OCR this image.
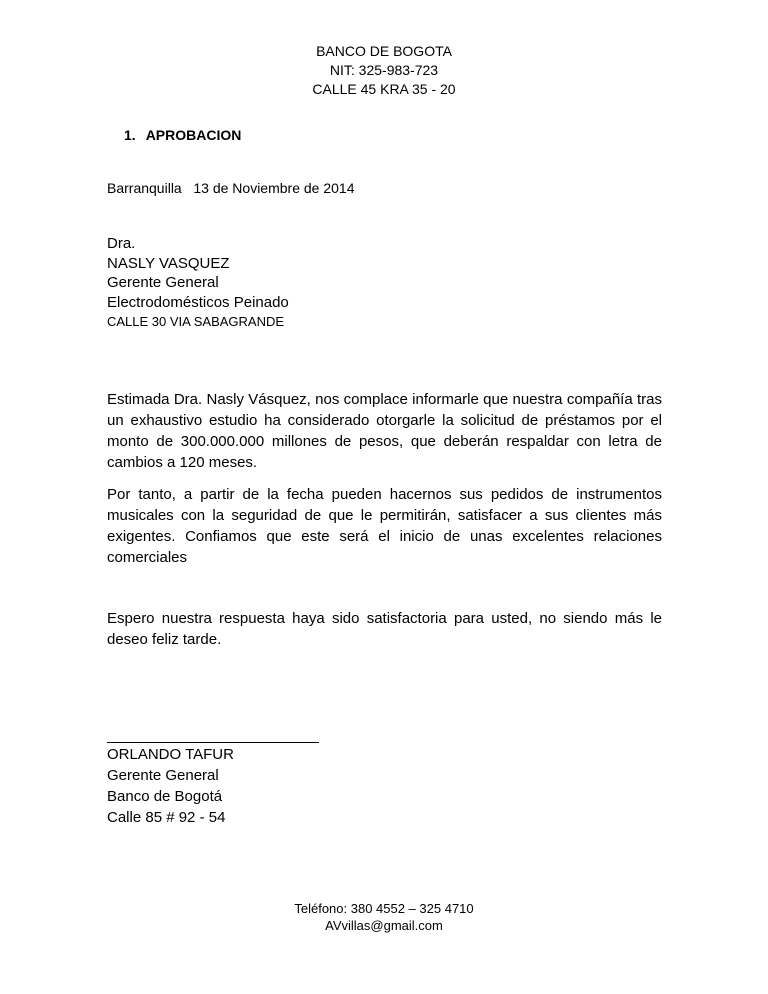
BANCO DE BOGOTA
NIT: 325-983-723
CALLE 45 KRA 35 - 20
1. APROBACION
Barranquilla   13 de Noviembre de 2014
Dra.
NASLY VASQUEZ
Gerente General
Electrodomésticos Peinado
CALLE 30 VIA SABAGRANDE
Estimada Dra. Nasly Vásquez, nos complace informarle que nuestra compañía tras un exhaustivo estudio ha considerado otorgarle la solicitud de préstamos por el monto de 300.000.000 millones de pesos, que deberán respaldar con letra de cambios a 120 meses.
Por tanto, a partir de la fecha pueden hacernos sus pedidos de instrumentos musicales con la seguridad de que le permitirán, satisfacer a sus clientes más exigentes. Confiamos que este será el inicio de unas excelentes relaciones comerciales
Espero nuestra respuesta haya sido satisfactoria para usted, no siendo más le deseo feliz tarde.
ORLANDO TAFUR
Gerente General
Banco de Bogotá
Calle 85 # 92 - 54
Teléfono: 380 4552 – 325 4710
AVvillas@gmail.com
